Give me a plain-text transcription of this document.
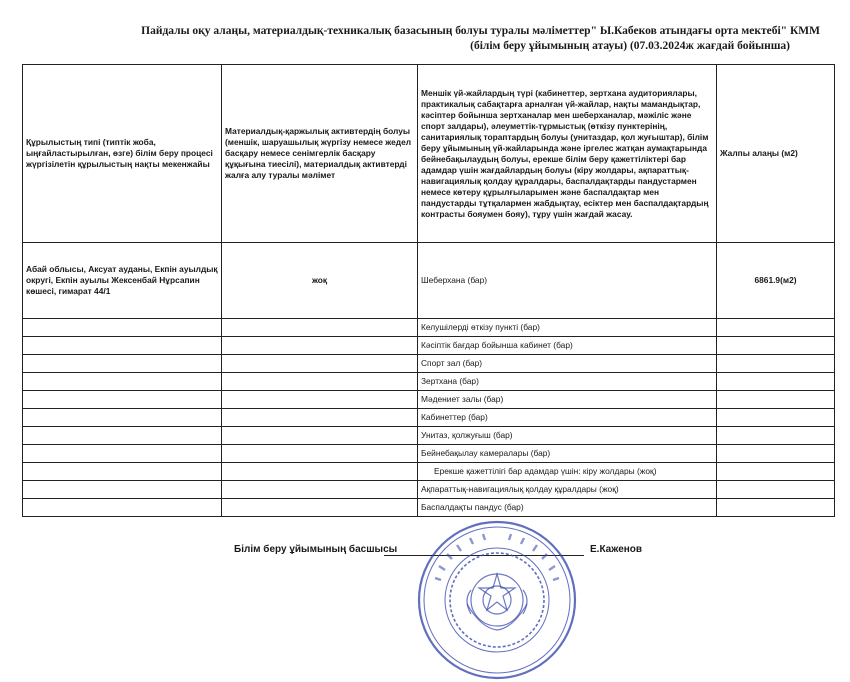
Пайдалы оқу алаңы, материалдық-техникалық базасының болуы туралы мәліметтер" Ы.Кабеков атындағы орта мектебі" КММ
(білім беру ұйымының атауы) (07.03.2024ж жағдай бойынша)
Құрылыстың типі (типтік жоба, ыңғайластырылған, өзге) білім беру процесі жүргізілетін құрылыстың нақты мекенжайы	Материалдық-қаржылық активтердің болуы (меншік, шаруашылық жүргізу немесе жедел басқару немесе сенімгерлік басқару құқығына тиесілі), материалдық активтерді жалға алу туралы мәлімет	Меншік үй-жайлардың түрі (кабинеттер, зертхана аудиториялары, практикалық сабақтарға арналған үй-жайлар, нақты мамандықтар, кәсіптер бойынша зертханалар мен шеберханалар, мәжіліс және спорт залдары), әлеуметтік-тұрмыстық (өткізу пунктерінің, санитариялық тораптардың болуы (унитаздар, қол жуғыштар), білім беру ұйымының үй-жайларында және іргелес жатқан аумақтарында бейнебақылаудың болуы, ерекше білім беру қажеттіліктері бар адамдар үшін жағдайлардың болуы (кіру жолдары, ақпараттық-навигациялық қолдау құралдары, баспалдақтарды пандустармен немесе көтеру құрылғыларымен және баспалдақтар мен пандустарды тұтқалармен жабдықтау, есіктер мен баспалдақтардың контрасты бояумен бояу), тұру үшін жағдай жасау.	Жалпы алаңы (м2)
Абай облысы, Аксуат ауданы, Екпін ауылдық округі, Екпін ауылы Жексенбай Нұрсапин көшесі, гимарат 44/1	жоқ	Шеберхана (бар)	6861.9(м2)
		Келушілерді өткізу пункті (бар)	
		Кәсіптік бағдар бойынша кабинет (бар)	
		Спорт зал (бар)	
		Зертхана (бар)	
		Мәдениет залы (бар)	
		Кабинеттер (бар)	
		Унитаз, қолжуғыш (бар)	
		Бейнебақылау камералары (бар)	
		Ерекше қажеттілігі бар адамдар үшін: кіру жолдары (жоқ)	
		Ақпараттық-навигациялық қолдау құралдары (жоқ)	
		Баспалдақты пандус (бар)	
Білім беру ұйымының басшысы	Е.Каженов
